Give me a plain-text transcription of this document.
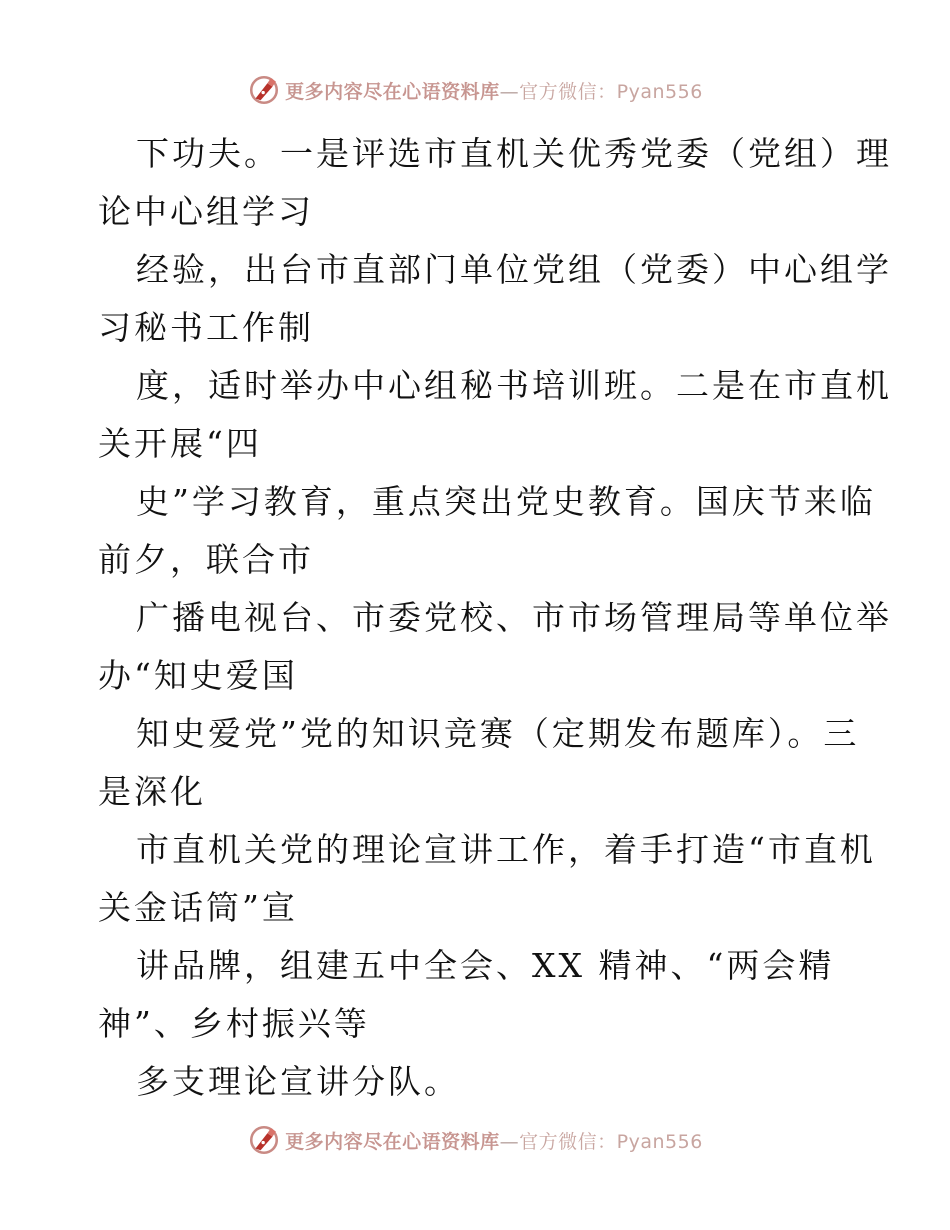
更多内容尽在心语资料库—官方微信：Pyan556
下功夫。一是评选市直机关优秀党委（党组）理
论中心组学习
经验，出台市直部门单位党组（党委）中心组学
习秘书工作制
度，适时举办中心组秘书培训班。二是在市直机
关开展“四
史”学习教育，重点突出党史教育。国庆节来临
前夕，联合市
广播电视台、市委党校、市市场管理局等单位举
办“知史爱国
知史爱党”党的知识竞赛（定期发布题库）。三
是深化
市直机关党的理论宣讲工作，着手打造“市直机
关金话筒”宣
讲品牌，组建五中全会、XX 精神、“两会精
神”、乡村振兴等
多支理论宣讲分队。
更多内容尽在心语资料库—官方微信：Pyan556
